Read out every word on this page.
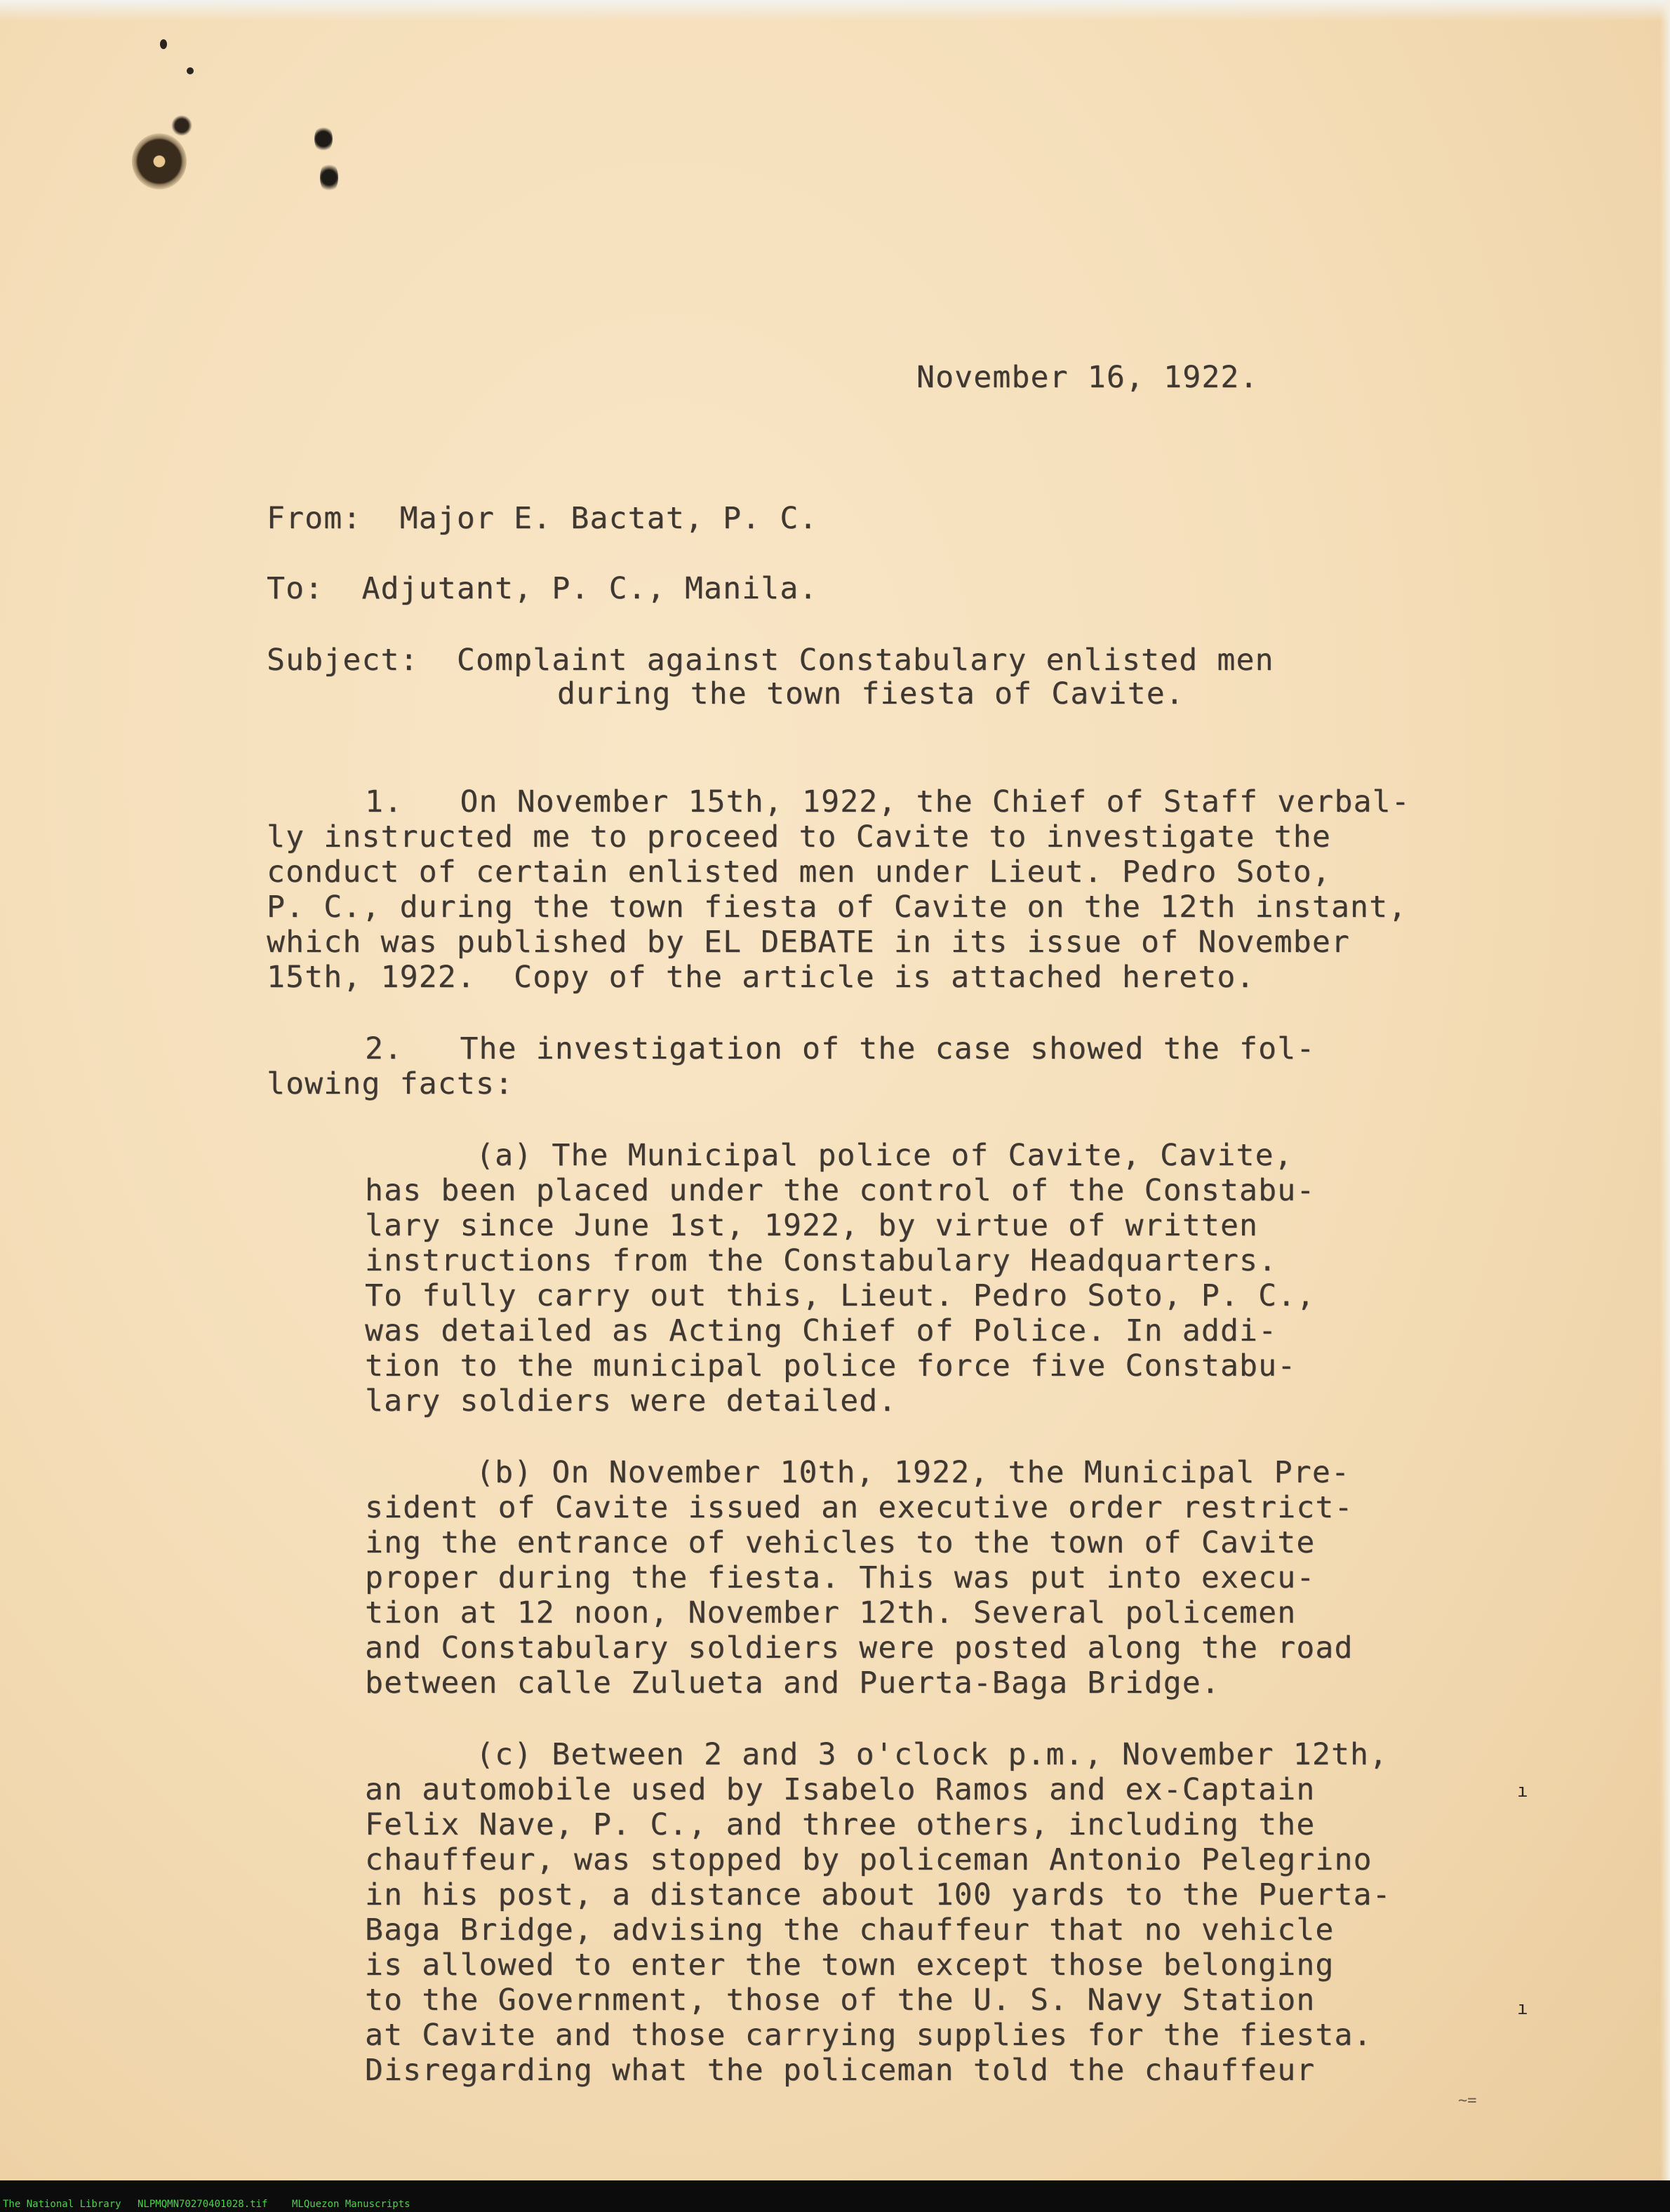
November 16, 1922.
From:  Major E. Bactat, P. C.
To:  Adjutant, P. C., Manila.
Subject:  Complaint against Constabulary enlisted men
during the town fiesta of Cavite.
1.   On November 15th, 1922, the Chief of Staff verbal-
ly instructed me to proceed to Cavite to investigate the
conduct of certain enlisted men under Lieut. Pedro Soto,
P. C., during the town fiesta of Cavite on the 12th instant,
which was published by EL DEBATE in its issue of November
15th, 1922.  Copy of the article is attached hereto.
2.   The investigation of the case showed the fol-
lowing facts:
(a) The Municipal police of Cavite, Cavite,
has been placed under the control of the Constabu-
lary since June 1st, 1922, by virtue of written
instructions from the Constabulary Headquarters.
To fully carry out this, Lieut. Pedro Soto, P. C.,
was detailed as Acting Chief of Police. In addi-
tion to the municipal police force five Constabu-
lary soldiers were detailed.
(b) On November 10th, 1922, the Municipal Pre-
sident of Cavite issued an executive order restrict-
ing the entrance of vehicles to the town of Cavite
proper during the fiesta. This was put into execu-
tion at 12 noon, November 12th. Several policemen
and Constabulary soldiers were posted along the road
between calle Zulueta and Puerta-Baga Bridge.
(c) Between 2 and 3 o'clock p.m., November 12th,
an automobile used by Isabelo Ramos and ex-Captain
Felix Nave, P. C., and three others, including the
chauffeur, was stopped by policeman Antonio Pelegrino
in his post, a distance about 100 yards to the Puerta-
Baga Bridge, advising the chauffeur that no vehicle
is allowed to enter the town except those belonging
to the Government, those of the U. S. Navy Station
at Cavite and those carrying supplies for the fiesta.
Disregarding what the policeman told the chauffeur
ı
ı
~=
The National Library NLPMQMN70270401028.tif MLQuezon Manuscripts
